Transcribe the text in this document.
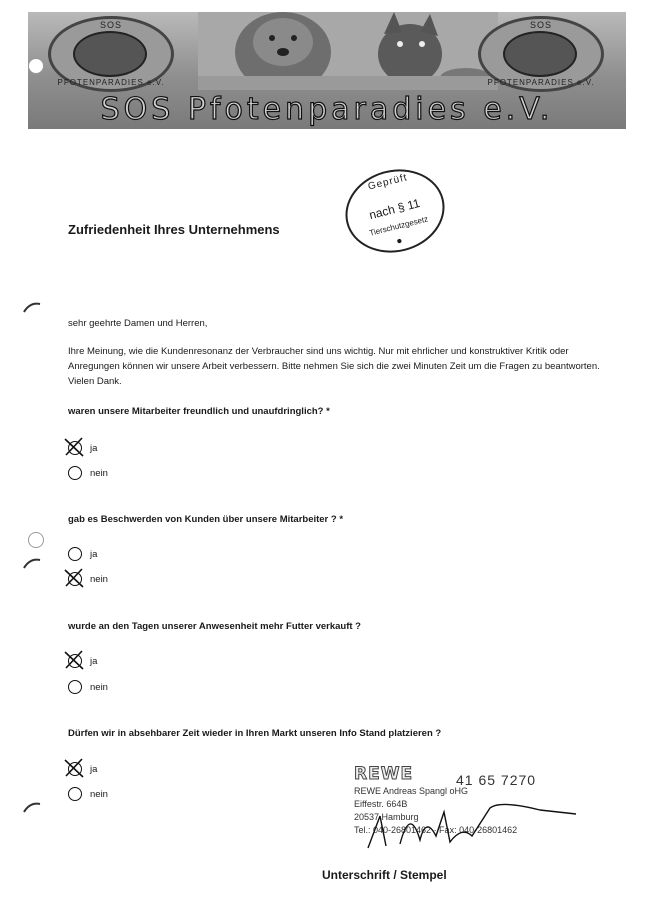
SOS
PFOTENPARADIES e.V.
SOS
PFOTENPARADIES e.V.
SOS Pfotenparadies e.V.
Geprüft
nach § 11
Tierschutzgesetz
●
Zufriedenheit Ihres Unternehmens
sehr geehrte Damen und Herren,
Ihre Meinung, wie die Kundenresonanz der Verbraucher sind uns wichtig. Nur mit ehrlicher und konstruktiver Kritik oder Anregungen können wir unsere Arbeit verbessern. Bitte nehmen Sie sich die zwei Minuten Zeit um die Fragen zu beantworten. Vielen Dank.
waren unsere Mitarbeiter freundlich und unaufdringlich? *
ja
nein
gab es Beschwerden von Kunden über unsere Mitarbeiter ? *
ja
nein
wurde an den Tagen unserer Anwesenheit mehr Futter verkauft ?
ja
nein
Dürfen wir in absehbarer Zeit wieder in Ihren Markt unseren Info Stand platzieren ?
ja
nein
REWE	41 65 7270
REWE Andreas Spangl oHG
Eiffestr. 664B
20537 Hamburg
Tel.: 040-26801462 · Fax: 040-26801462
Unterschrift / Stempel
